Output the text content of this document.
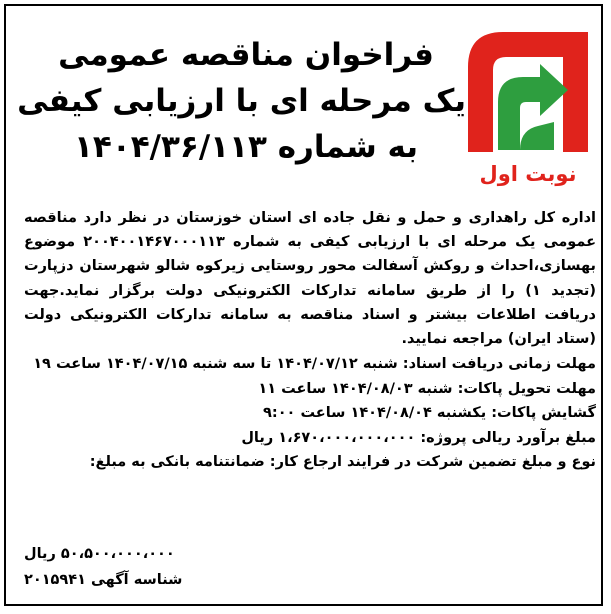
نوبت اول
فراخوان مناقصه عمومی
یک مرحله ای با ارزیابی کیفی
به شماره ۱۴۰۴/۳۶/۱۱۳

اداره کل راهداری و حمل و نقل جاده ای استان خوزستان در نظر دارد مناقصه عمومی یک مرحله ای با ارزیابی کیفی به شماره ۲۰۰۴۰۰۱۴۶۷۰۰۰۱۱۳ موضوع بهسازی،احداث و روکش آسفالت محور روستایی زیرکوه شالو شهرستان دزپارت (تجدید ۱) را از طریق سامانه تدارکات الکترونیکی دولت برگزار نماید.جهت دریافت اطلاعات بیشتر و اسناد مناقصه به سامانه تدارکات الکترونیکی دولت (ستاد ایران) مراجعه نمایید.

مهلت زمانی دریافت اسناد: شنبه ۱۴۰۴/۰۷/۱۲ تا سه شنبه ۱۴۰۴/۰۷/۱۵ ساعت ۱۹
مهلت تحویل پاکات: شنبه ۱۴۰۴/۰۸/۰۳ ساعت ۱۱
گشایش پاکات: یکشنبه ۱۴۰۴/۰۸/۰۴ ساعت ۹:۰۰
مبلغ برآورد ریالی پروژه: ۱،۶۷۰،۰۰۰،۰۰۰،۰۰۰ ریال
نوع و مبلغ تضمین شرکت در فرایند ارجاع کار: ضمانتنامه بانکی به مبلغ:
۵۰،۵۰۰،۰۰۰،۰۰۰ ریال
شناسه آگهی ۲۰۱۵۹۴۱
